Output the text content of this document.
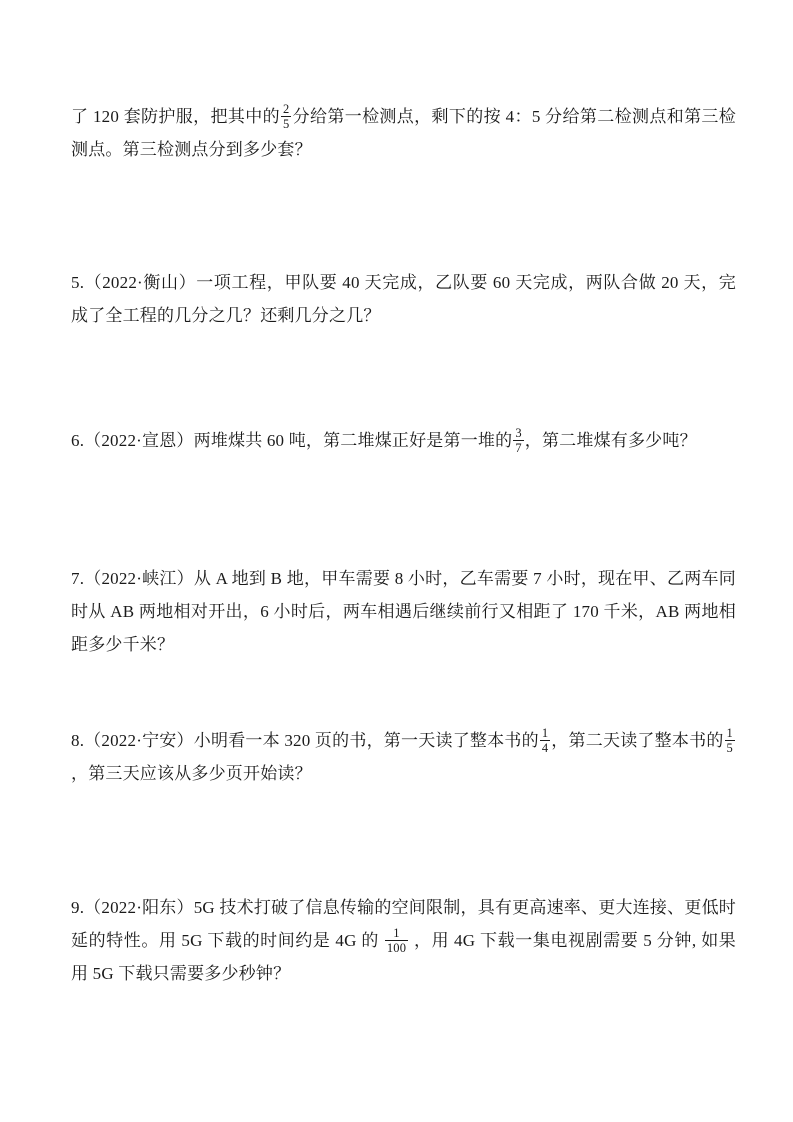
了 120 套防护服，把其中的 $\frac{2}{5}$ 分给第一检测点，剩下的按 4：5 分给第二检测点和第三检测点。第三检测点分到多少套？
5.（2022·衡山）一项工程，甲队要 40 天完成，乙队要 60 天完成，两队合做 20 天，完成了全工程的几分之几？还剩几分之几？
6.（2022·宣恩）两堆煤共 60 吨，第二堆煤正好是第一堆的 $\frac{3}{7}$ ，第二堆煤有多少吨？
7.（2022·峡江）从 A 地到 B 地，甲车需要 8 小时，乙车需要 7 小时，现在甲、乙两车同时从 AB 两地相对开出，6 小时后，两车相遇后继续前行又相距了 170 千米，AB 两地相距多少千米？
8.（2022·宁安）小明看一本 320 页的书，第一天读了整本书的 $\frac{1}{4}$ ，第二天读了整本书的 $\frac{1}{5}$
，第三天应该从多少页开始读？
9.（2022·阳东）5G 技术打破了信息传输的空间限制，具有更高速率、更大连接、更低时延的特性。用 5G 下载的时间约是 4G 的 $\frac{1}{100}$ ，用 4G 下载一集电视剧需要 5 分钟, 如果用 5G 下载只需要多少秒钟？
